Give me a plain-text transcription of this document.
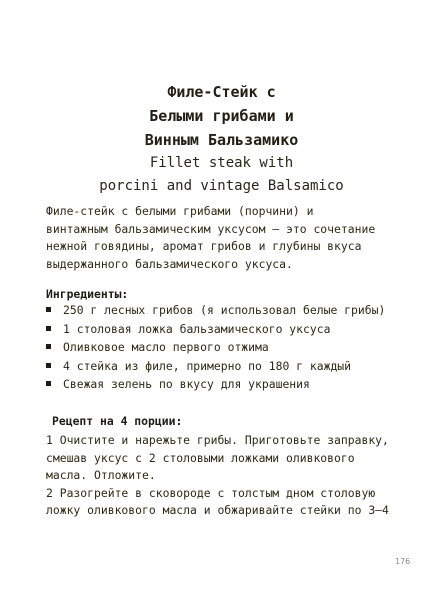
Филе-Стейк с
Белыми грибами и
Винным Бальзамико
Fillet steak with
porcini and vintage Balsamico
Филе-стейк с белыми грибами (порчини) и
винтажным бальзамическим уксусом – это сочетание
нежной говядины, аромат грибов и глубины вкуса
выдержанного бальзамического уксуса.
Ингредиенты:
250 г лесных грибов (я использовал белые грибы)
1 столовая ложка бальзамического уксуса
Оливковое масло первого отжима
4 стейка из филе, примерно по 180 г каждый
Свежая зелень по вкусу для украшения
Рецепт на 4 порции:
1 Очистите и нарежьте грибы. Приготовьте заправку,
смешав уксус с 2 столовыми ложками оливкового
масла. Отложите.
2 Разогрейте в сковороде с толстым дном столовую
ложку оливкового масла и обжаривайте стейки по 3–4
176
